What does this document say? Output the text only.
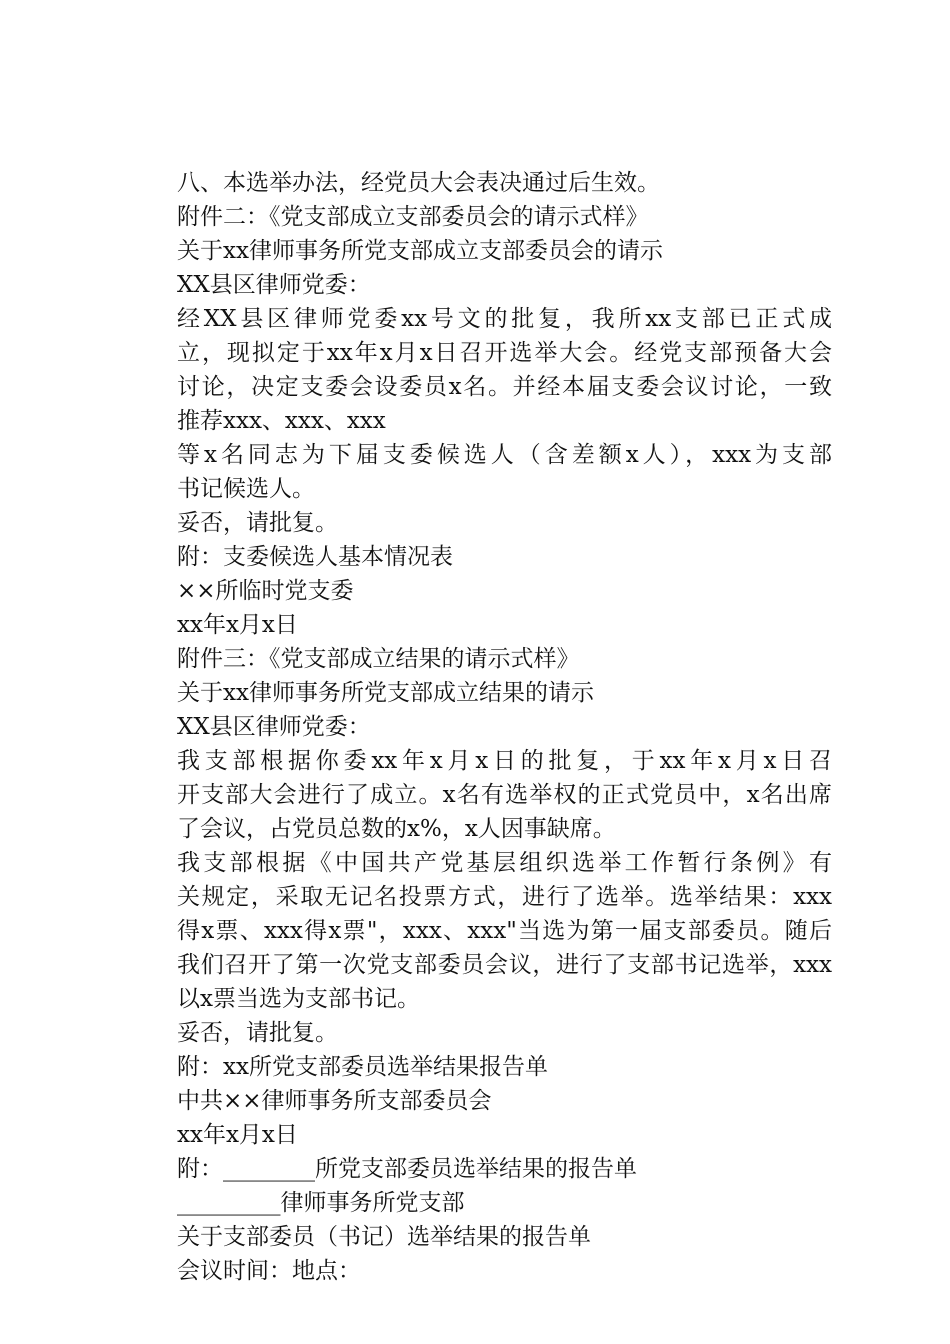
八、本选举办法，经党员大会表决通过后生效。
附件二：《党支部成立支部委员会的请示式样》
关于xx律师事务所党支部成立支部委员会的请示
XX县区律师党委：
经XX县区律师党委xx号文的批复，我所xx支部已正式成
立，现拟定于xx年x月x日召开选举大会。经党支部预备大会
讨论，决定支委会设委员x名。并经本届支委会议讨论，一致
推荐xxx、xxx、xxx
等x名同志为下届支委候选人（含差额x人），xxx为支部
书记候选人。
妥否，请批复。
附：支委候选人基本情况表
××所临时党支委
xx年x月x日
附件三：《党支部成立结果的请示式样》
关于xx律师事务所党支部成立结果的请示
XX县区律师党委：
我支部根据你委xx年x月x日的批复，于xx年x月x日召
开支部大会进行了成立。x名有选举权的正式党员中，x名出席
了会议，占党员总数的x%，x人因事缺席。
我支部根据《中国共产党基层组织选举工作暂行条例》有
关规定，采取无记名投票方式，进行了选举。选举结果：xxx
得x票、xxx得x票"，xxx、xxx"当选为第一届支部委员。随后
我们召开了第一次党支部委员会议，进行了支部书记选举，xxx
以x票当选为支部书记。
妥否，请批复。
附：xx所党支部委员选举结果报告单
中共××律师事务所支部委员会
xx年x月x日
附：________所党支部委员选举结果的报告单
_________律师事务所党支部
关于支部委员（书记）选举结果的报告单
会议时间：地点：
